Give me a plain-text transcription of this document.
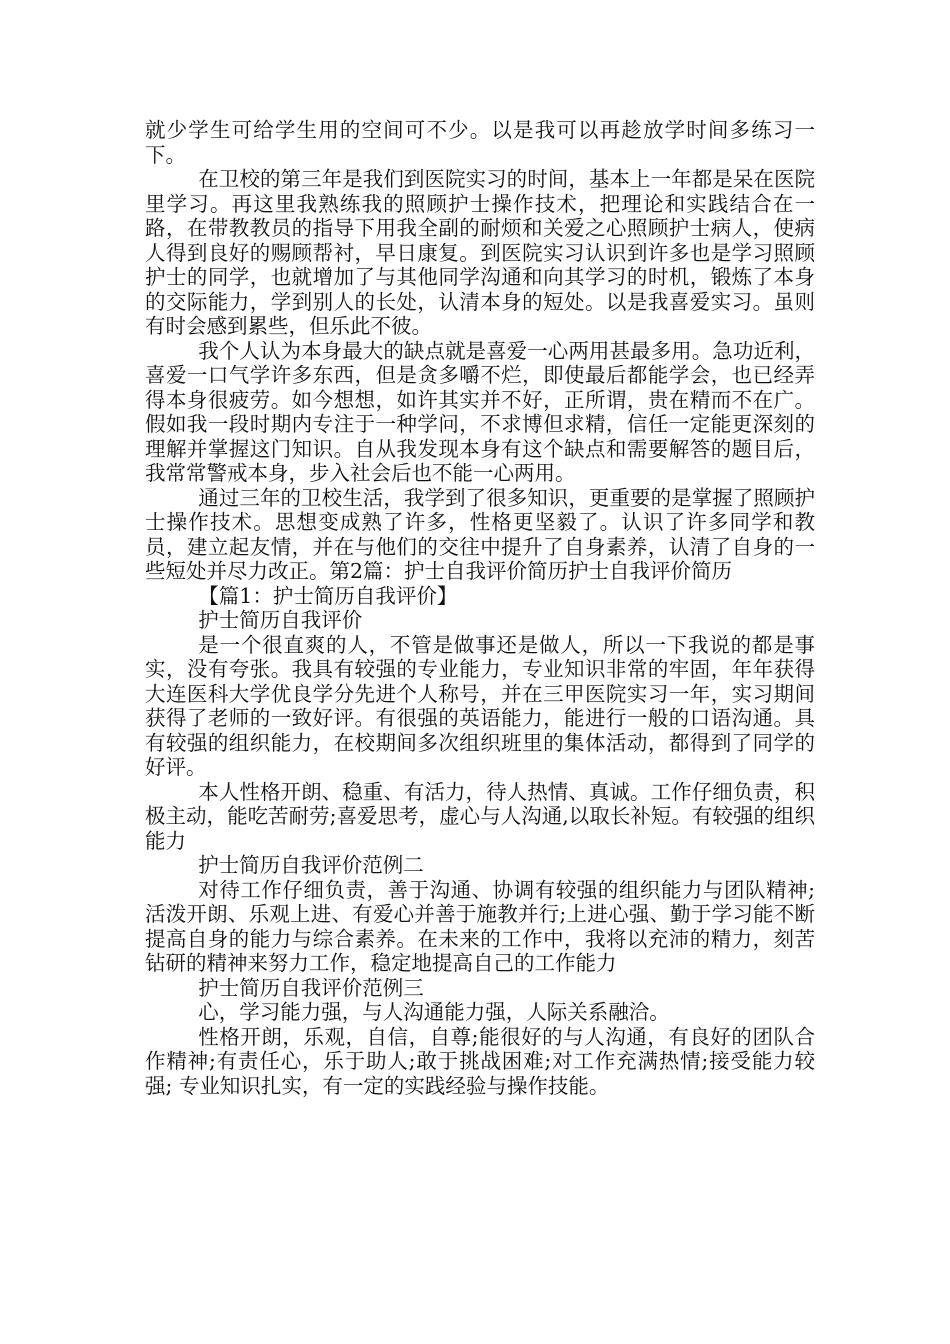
就少学生可给学生用的空间可不少。以是我可以再趁放学时间多练习一下。

在卫校的第三年是我们到医院实习的时间，基本上一年都是呆在医院里学习。再这里我熟练我的照顾护士操作技术，把理论和实践结合在一路，在带教教员的指导下用我全副的耐烦和关爱之心照顾护士病人，使病人得到良好的赐顾帮衬，早日康复。到医院实习认识到许多也是学习照顾护士的同学，也就增加了与其他同学沟通和向其学习的时机，锻炼了本身的交际能力，学到别人的长处，认清本身的短处。以是我喜爱实习。虽则有时会感到累些，但乐此不彼。

我个人认为本身最大的缺点就是喜爱一心两用甚最多用。急功近利，喜爱一口气学许多东西，但是贪多嚼不烂，即使最后都能学会，也已经弄得本身很疲劳。如今想想，如许其实并不好，正所谓，贵在精而不在广。假如我一段时期内专注于一种学问，不求博但求精，信任一定能更深刻的理解并掌握这门知识。自从我发现本身有这个缺点和需要解答的题目后，我常常警戒本身，步入社会后也不能一心两用。

通过三年的卫校生活，我学到了很多知识，更重要的是掌握了照顾护士操作技术。思想变成熟了许多，性格更坚毅了。认识了许多同学和教员，建立起友情，并在与他们的交往中提升了自身素养，认清了自身的一些短处并尽力改正。第2篇：护士自我评价简历护士自我评价简历

【篇1：护士简历自我评价】

护士简历自我评价

是一个很直爽的人，不管是做事还是做人，所以一下我说的都是事实，没有夸张。我具有较强的专业能力，专业知识非常的牢固，年年获得大连医科大学优良学分先进个人称号，并在三甲医院实习一年，实习期间获得了老师的一致好评。有很强的英语能力，能进行一般的口语沟通。具有较强的组织能力，在校期间多次组织班里的集体活动，都得到了同学的好评。

本人性格开朗、稳重、有活力，待人热情、真诚。工作仔细负责，积极主动，能吃苦耐劳;喜爱思考，虚心与人沟通,以取长补短。有较强的组织能力

护士简历自我评价范例二

对待工作仔细负责，善于沟通、协调有较强的组织能力与团队精神;活泼开朗、乐观上进、有爱心并善于施教并行;上进心强、勤于学习能不断提高自身的能力与综合素养。在未来的工作中，我将以充沛的精力，刻苦钻研的精神来努力工作，稳定地提高自己的工作能力

护士简历自我评价范例三

心，学习能力强，与人沟通能力强，人际关系融洽。

性格开朗，乐观，自信，自尊;能很好的与人沟通，有良好的团队合作精神;有责任心，乐于助人;敢于挑战困难;对工作充满热情;接受能力较强; 专业知识扎实，有一定的实践经验与操作技能。
